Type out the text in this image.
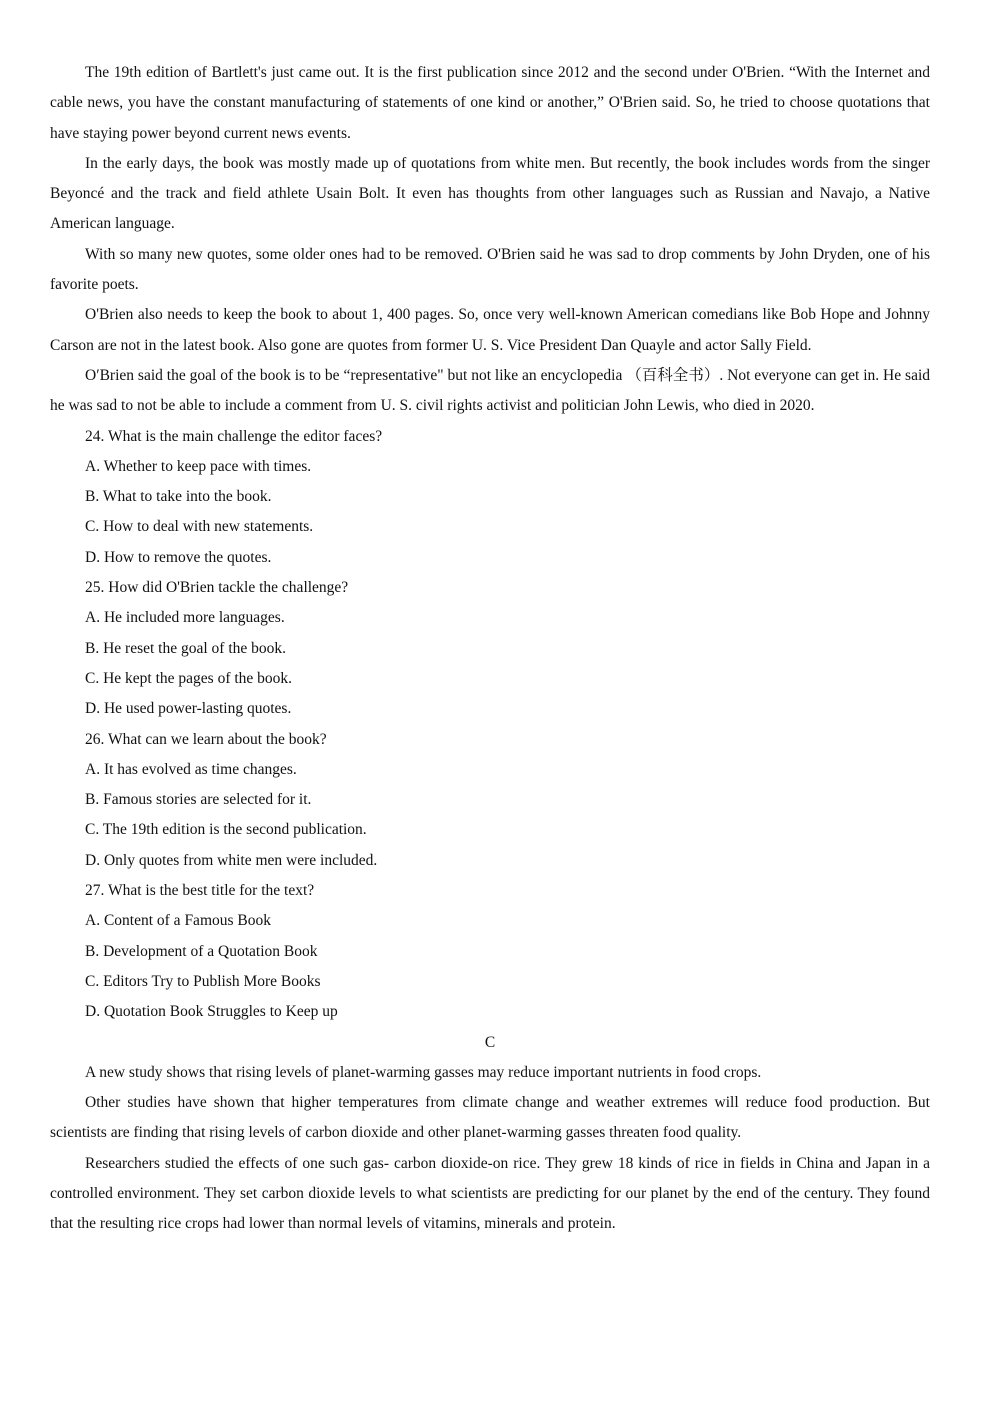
The 19th edition of Bartlett's just came out. It is the first publication since 2012 and the second under O'Brien. “With the Internet and cable news, you have the constant manufacturing of statements of one kind or another,” O'Brien said. So, he tried to choose quotations that have staying power beyond current news events.

In the early days, the book was mostly made up of quotations from white men. But recently, the book includes words from the singer Beyoncé and the track and field athlete Usain Bolt. It even has thoughts from other languages such as Russian and Navajo, a Native American language.

With so many new quotes, some older ones had to be removed. O'Brien said he was sad to drop comments by John Dryden, one of his favorite poets.

O'Brien also needs to keep the book to about 1, 400 pages. So, once very well-known American comedians like Bob Hope and Johnny Carson are not in the latest book. Also gone are quotes from former U. S. Vice President Dan Quayle and actor Sally Field.

O′Brien said the goal of the book is to be “representative" but not like an encyclopedia （百科全书）. Not everyone can get in. He said he was sad to not be able to include a comment from U. S. civil rights activist and politician John Lewis, who died in 2020.

24. What is the main challenge the editor faces?

A. Whether to keep pace with times.

B. What to take into the book.

C. How to deal with new statements.

D. How to remove the quotes.

25. How did O'Brien tackle the challenge?

A. He included more languages.

B. He reset the goal of the book.

C. He kept the pages of the book.

D. He used power-lasting quotes.

26. What can we learn about the book?

A. It has evolved as time changes.

B. Famous stories are selected for it.

C. The 19th edition is the second publication.

D. Only quotes from white men were included.

27. What is the best title for the text?

A. Content of a Famous Book

B. Development of a Quotation Book

C. Editors Try to Publish More Books

D. Quotation Book Struggles to Keep up

C

A new study shows that rising levels of planet-warming gasses may reduce important nutrients in food crops.

Other studies have shown that higher temperatures from climate change and weather extremes will reduce food production. But scientists are finding that rising levels of carbon dioxide and other planet-warming gasses threaten food quality.

Researchers studied the effects of one such gas- carbon dioxide-on rice. They grew 18 kinds of rice in fields in China and Japan in a controlled environment. They set carbon dioxide levels to what scientists are predicting for our planet by the end of the century. They found that the resulting rice crops had lower than normal levels of vitamins, minerals and protein.
